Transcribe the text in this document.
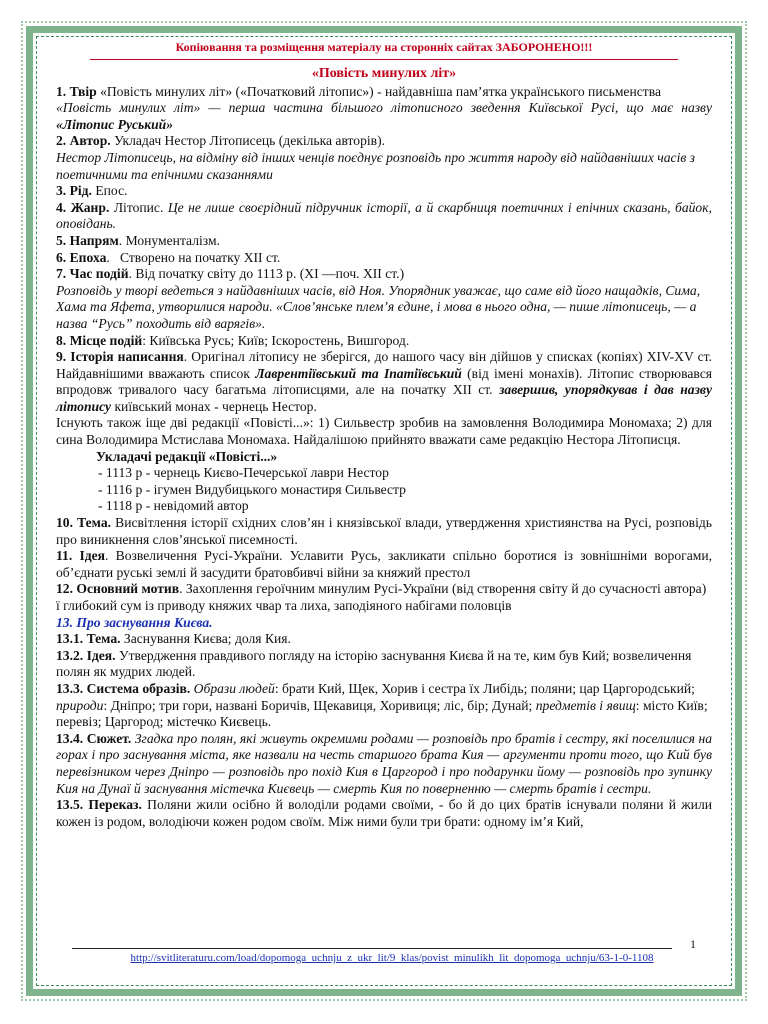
Копіювання та розміщення матеріалу на сторонніх сайтах ЗАБОРОНЕНО!!!
«Повість минулих літ»

1. Твір «Повість минулих літ» («Початковий літопис») - найдавніша пам’ятка українського письменства

«Повість минулих літ» — перша частина більшого літописного зведення Київської Русі, що має назву «Літопис Руський»

2. Автор. Укладач Нестор Літописець (декілька авторів).

Нестор Літописець, на відміну від інших ченців поєднує розповідь про життя народу від найдавніших часів з поетичними та епічними сказаннями

3. Рід. Епос.

4. Жанр. Літопис. Це не лише своєрідний підручник історії, а й скарбниця поетичних і епічних сказань, байок, оповідань.

5. Напрям. Монументалізм.

6. Епоха.   Створено на початку ХІІ ст.

7. Час подій. Від початку світу до 1113 р. (XI —поч. XII ст.)

Розповідь у творі ведеться з найдавніших часів, від Ноя. Упорядник уважає, що саме від його нащадків, Сима, Хама та Яфета, утворилися народи. «Слов’янське плем’я єдине, і мова в нього одна, — пише літописець, — а назва “Русь” походить від варягів».

8. Місце подій: Київська Русь; Київ; Іскоростень, Вишгород.

9. Історія написання. Оригінал літопису не зберігся, до нашого часу він дійшов у списках (копіях) XIV-XV ст. Найдавнішими вважають список Лаврентіївський та Іпатіївський (від імені монахів). Літопис створювався впродовж тривалого часу багатьма літописцями, але на початку ХІІ ст. завершив, упорядкував і дав назву літопису київський монах - чернець Нестор.

Існують також іще дві редакції «Повісті...»: 1) Сильвестр зробив на замовлення Володимира Мономаха; 2) для сина Володимира Мстислава Мономаха. Найдалішою прийнято вважати саме редакцію Нестора Літописця.

Укладачі редакції «Повісті...»

- 1113 р - чернець Києво-Печерської лаври Нестор

- 1116 р - ігумен Видубицького монастиря Сильвестр

- 1118 р - невідомий автор

10. Тема. Висвітлення історії східних слов’ян і князівської влади, утвердження християнства на Русі, розповідь про виникнення слов’янської писемності.

11. Ідея. Возвеличення Русі-України. Уславити Русь, закликати спільно боротися із зовнішніми ворогами, об’єднати руські землі й засудити братовбивчі війни за княжий престол

12. Основний мотив. Захоплення героїчним минулим Русі-України (від створення світу й до сучасності автора) ї глибокий сум із приводу княжих чвар та лиха, заподіяного набігами половців

13. Про заснування Києва.

13.1. Тема. Заснування Києва; доля Кия.

13.2. Ідея. Утвердження правдивого погляду на історію заснування Києва й на те, ким був Кий; возвеличення полян як мудрих людей.

13.3. Система образів. Образи людей: брати Кий, Щек, Хорив і сестра їх Либідь; поляни; цар Царгородський; природи: Дніпро; три гори, названі Боричів, Щекавиця, Хоривиця; ліс, бір; Дунай; предметів і явищ: місто Київ; перевіз; Царгород; містечко Києвець.

13.4. Сюжет. Згадка про полян, які живуть окремими родами — розповідь про братів і сестру, які поселилися на горах і про заснування міста, яке назвали на честь старшого брата Кия — аргументи проти того, що Кий був перевізником через Дніпро — розповідь про похід Кия в Царгород і про подарунки йому — розповідь про зупинку Кия на Дунаї й заснування містечка Києвець — смерть Кия по поверненню — смерть братів і сестри.

13.5. Переказ. Поляни жили осібно й володіли родами своїми, - бо й до цих братів існували поляни й жили кожен із родом, володіючи кожен родом своїм. Між ними були три брати: одному ім’я Кий,

1
http://svitliteraturu.com/load/dopomoga_uchnju_z_ukr_lit/9_klas/povist_minulikh_lit_dopomoga_uchnju/63-1-0-1108
